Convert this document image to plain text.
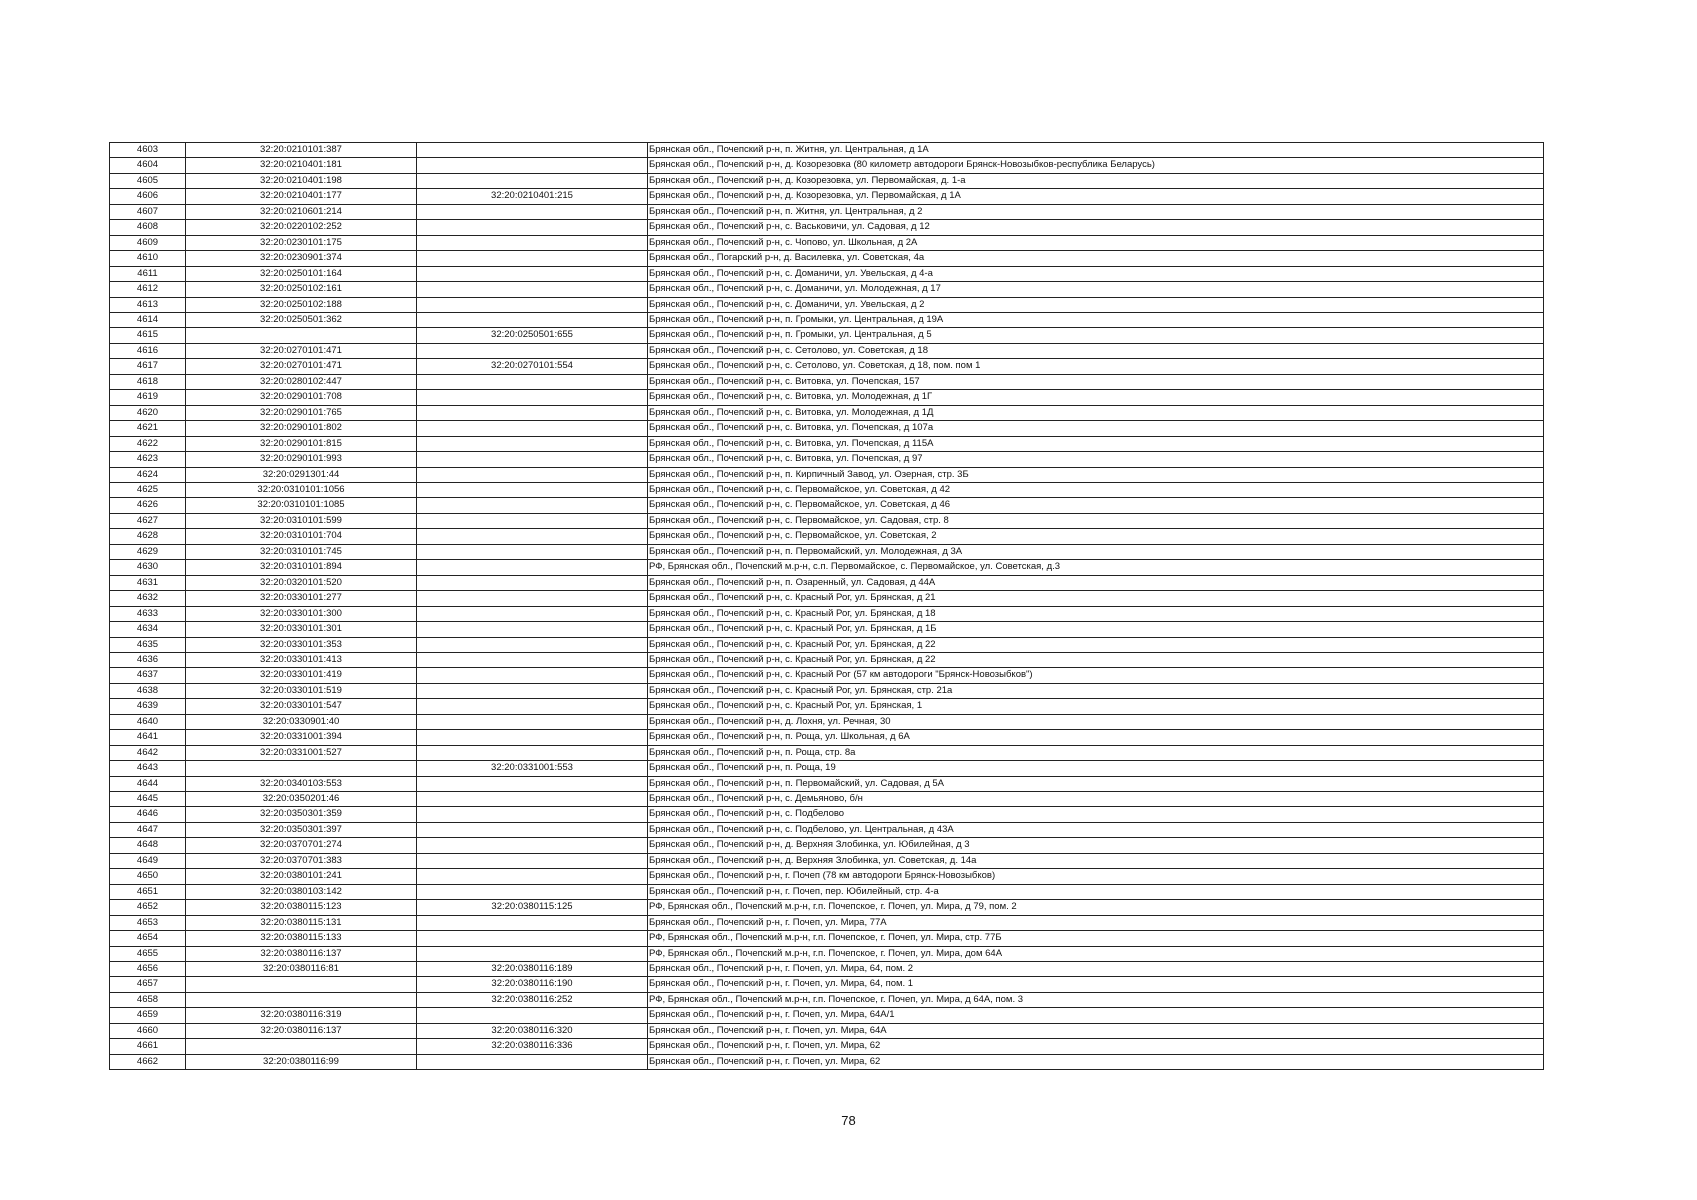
4603	32:20:0210101:387		Брянская обл., Почепский р-н, п. Житня, ул. Центральная, д 1А
4604	32:20:0210401:181		Брянская обл., Почепский р-н, д. Козорезовка (80 километр автодороги Брянск-Новозыбков-республика Беларусь)
4605	32:20:0210401:198		Брянская обл., Почепский р-н, д. Козорезовка, ул. Первомайская, д. 1-а
4606	32:20:0210401:177	32:20:0210401:215	Брянская обл., Почепский р-н, д. Козорезовка, ул. Первомайская, д 1А
4607	32:20:0210601:214		Брянская обл., Почепский р-н, п. Житня, ул. Центральная, д 2
4608	32:20:0220102:252		Брянская обл., Почепский р-н, с. Васьковичи, ул. Садовая, д 12
4609	32:20:0230101:175		Брянская обл., Почепский р-н, с. Чопово, ул. Школьная, д 2А
4610	32:20:0230901:374		Брянская обл., Погарский р-н, д. Василевка, ул. Советская, 4а
4611	32:20:0250101:164		Брянская обл., Почепский р-н, с. Доманичи, ул. Увельская, д 4-а
4612	32:20:0250102:161		Брянская обл., Почепский р-н, с. Доманичи, ул. Молодежная, д 17
4613	32:20:0250102:188		Брянская обл., Почепский р-н, с. Доманичи, ул. Увельская, д 2
4614	32:20:0250501:362		Брянская обл., Почепский р-н, п. Громыки, ул. Центральная, д 19А
4615		32:20:0250501:655	Брянская обл., Почепский р-н, п. Громыки, ул. Центральная, д 5
4616	32:20:0270101:471		Брянская обл., Почепский р-н, с. Сетолово, ул. Советская, д 18
4617	32:20:0270101:471	32:20:0270101:554	Брянская обл., Почепский р-н, с. Сетолово, ул. Советская, д 18, пом. пом 1
4618	32:20:0280102:447		Брянская обл., Почепский р-н, с. Витовка, ул. Почепская, 157
4619	32:20:0290101:708		Брянская обл., Почепский р-н, с. Витовка, ул. Молодежная, д 1Г
4620	32:20:0290101:765		Брянская обл., Почепский р-н, с. Витовка, ул. Молодежная, д 1Д
4621	32:20:0290101:802		Брянская обл., Почепский р-н, с. Витовка, ул. Почепская, д 107а
4622	32:20:0290101:815		Брянская обл., Почепский р-н, с. Витовка, ул. Почепская, д 115А
4623	32:20:0290101:993		Брянская обл., Почепский р-н, с. Витовка, ул. Почепская, д 97
4624	32:20:0291301:44		Брянская обл., Почепский р-н, п. Кирпичный Завод, ул. Озерная, стр. 3Б
4625	32:20:0310101:1056		Брянская обл., Почепский р-н, с. Первомайское, ул. Советская, д 42
4626	32:20:0310101:1085		Брянская обл., Почепский р-н, с. Первомайское, ул. Советская, д 46
4627	32:20:0310101:599		Брянская обл., Почепский р-н, с. Первомайское, ул. Садовая, стр. 8
4628	32:20:0310101:704		Брянская обл., Почепский р-н, с. Первомайское, ул. Советская, 2
4629	32:20:0310101:745		Брянская обл., Почепский р-н, п. Первомайский, ул. Молодежная, д 3А
4630	32:20:0310101:894		РФ, Брянская обл., Почепский м.р-н, с.п. Первомайское, с. Первомайское, ул. Советская, д.3
4631	32:20:0320101:520		Брянская обл., Почепский р-н, п. Озаренный, ул. Садовая, д 44А
4632	32:20:0330101:277		Брянская обл., Почепский р-н, с. Красный Рог, ул. Брянская, д 21
4633	32:20:0330101:300		Брянская обл., Почепский р-н, с. Красный Рог, ул. Брянская, д 18
4634	32:20:0330101:301		Брянская обл., Почепский р-н, с. Красный Рог, ул. Брянская, д 1Б
4635	32:20:0330101:353		Брянская обл., Почепский р-н, с. Красный Рог, ул. Брянская, д 22
4636	32:20:0330101:413		Брянская обл., Почепский р-н, с. Красный Рог, ул. Брянская, д 22
4637	32:20:0330101:419		Брянская обл., Почепский р-н, с. Красный Рог (57 км автодороги "Брянск-Новозыбков")
4638	32:20:0330101:519		Брянская обл., Почепский р-н, с. Красный Рог, ул. Брянская, стр. 21а
4639	32:20:0330101:547		Брянская обл., Почепский р-н, с. Красный Рог, ул. Брянская, 1
4640	32:20:0330901:40		Брянская обл., Почепский р-н, д. Лохня, ул. Речная, 30
4641	32:20:0331001:394		Брянская обл., Почепский р-н, п. Роща, ул. Школьная, д 6А
4642	32:20:0331001:527		Брянская обл., Почепский р-н, п. Роща, стр. 8а
4643		32:20:0331001:553	Брянская обл., Почепский р-н, п. Роща, 19
4644	32:20:0340103:553		Брянская обл., Почепский р-н, п. Первомайский, ул. Садовая, д 5А
4645	32:20:0350201:46		Брянская обл., Почепский р-н, с. Демьяново, б/н
4646	32:20:0350301:359		Брянская обл., Почепский р-н, с. Подбелово
4647	32:20:0350301:397		Брянская обл., Почепский р-н, с. Подбелово, ул. Центральная, д 43А
4648	32:20:0370701:274		Брянская обл., Почепский р-н, д. Верхняя Злобинка, ул. Юбилейная, д 3
4649	32:20:0370701:383		Брянская обл., Почепский р-н, д. Верхняя Злобинка, ул. Советская, д. 14а
4650	32:20:0380101:241		Брянская обл., Почепский р-н, г. Почеп (78 км автодороги Брянск-Новозыбков)
4651	32:20:0380103:142		Брянская обл., Почепский р-н, г. Почеп, пер. Юбилейный, стр. 4-а
4652	32:20:0380115:123	32:20:0380115:125	РФ, Брянская обл., Почепский м.р-н, г.п. Почепское, г. Почеп, ул. Мира, д 79, пом. 2
4653	32:20:0380115:131		Брянская обл., Почепский р-н, г. Почеп, ул. Мира, 77А
4654	32:20:0380115:133		РФ, Брянская обл., Почепский м.р-н, г.п. Почепское, г. Почеп, ул. Мира, стр. 77Б
4655	32:20:0380116:137		РФ, Брянская обл., Почепский м.р-н, г.п. Почепское, г. Почеп, ул. Мира, дом 64А
4656	32:20:0380116:81	32:20:0380116:189	Брянская обл., Почепский р-н, г. Почеп, ул. Мира, 64, пом. 2
4657		32:20:0380116:190	Брянская обл., Почепский р-н, г. Почеп, ул. Мира, 64, пом. 1
4658		32:20:0380116:252	РФ, Брянская обл., Почепский м.р-н, г.п. Почепское, г. Почеп, ул. Мира, д 64А, пом. 3
4659	32:20:0380116:319		Брянская обл., Почепский р-н, г. Почеп, ул. Мира, 64А/1
4660	32:20:0380116:137	32:20:0380116:320	Брянская обл., Почепский р-н, г. Почеп, ул. Мира, 64А
4661		32:20:0380116:336	Брянская обл., Почепский р-н, г. Почеп, ул. Мира, 62
4662	32:20:0380116:99		Брянская обл., Почепский р-н, г. Почеп, ул. Мира, 62
78
